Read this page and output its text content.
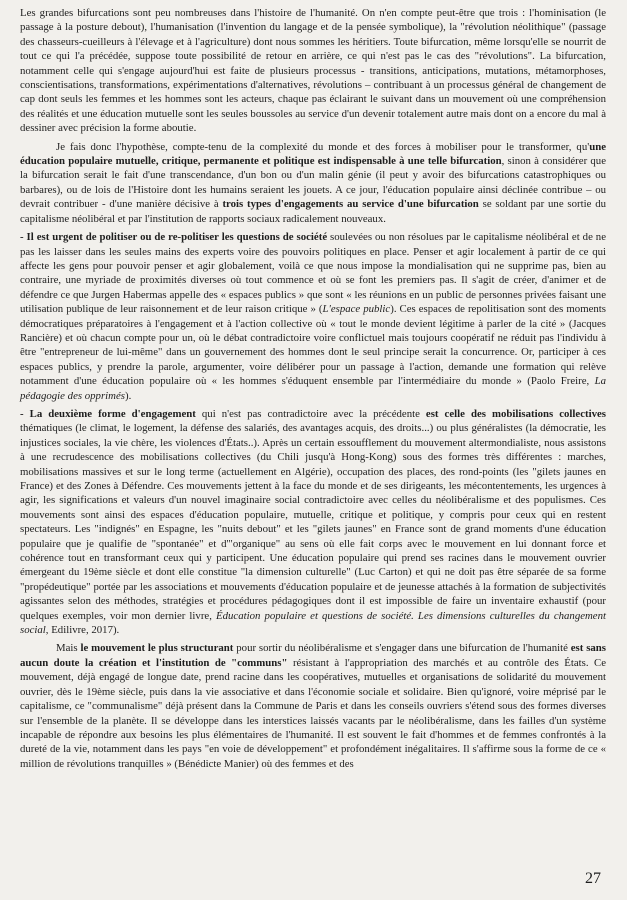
Les grandes bifurcations sont peu nombreuses dans l'histoire de l'humanité. On n'en compte peut-être que trois : l'hominisation (le passage à la posture debout), l'humanisation (l'invention du langage et de la pensée symbolique), la "révolution néolithique" (passage des chasseurs-cueilleurs à l'élevage et à l'agriculture) dont nous sommes les héritiers. Toute bifurcation, même lorsqu'elle se nourrit de tout ce qui l'a précédée, suppose toute possibilité de retour en arrière, ce qui n'est pas le cas des "révolutions". La bifurcation, notamment celle qui s'engage aujourd'hui est faite de plusieurs processus - transitions, anticipations, mutations, métamorphoses, conscientisations, transformations, expérimentations d'alternatives, révolutions – contribuant à un processus général de changement de cap dont seuls les femmes et les hommes sont les acteurs, chaque pas éclairant le suivant dans un mouvement où une compréhension des réalités et une éducation mutuelle sont les seules boussoles au service d'un devenir totalement autre mais dont on a encore du mal à dessiner avec précision la forme aboutie.

Je fais donc l'hypothèse, compte-tenu de la complexité du monde et des forces à mobiliser pour le transformer, qu'une éducation populaire mutuelle, critique, permanente et politique est indispensable à une telle bifurcation, sinon à considérer que la bifurcation serait le fait d'une transcendance, d'un bon ou d'un malin génie (il peut y avoir des bifurcations catastrophiques ou barbares), ou de lois de l'Histoire dont les humains seraient les jouets. A ce jour, l'éducation populaire ainsi déclinée contribue – ou devrait contribuer - d'une manière décisive à trois types d'engagements au service d'une bifurcation se soldant par une sortie du capitalisme néolibéral et par l'institution de rapports sociaux radicalement nouveaux.

- Il est urgent de politiser ou de re-politiser les questions de société soulevées ou non résolues par le capitalisme néolibéral et de ne pas les laisser dans les seules mains des experts voire des pouvoirs politiques en place. Penser et agir localement à partir de ce qui affecte les gens pour pouvoir penser et agir globalement, voilà ce que nous impose la mondialisation qui ne supprime pas, bien au contraire, une myriade de proximités diverses où tout commence et où se font les premiers pas. Il s'agit de créer, d'animer et de défendre ce que Jurgen Habermas appelle des « espaces publics » que sont « les réunions en un public de personnes privées faisant une utilisation publique de leur raisonnement et de leur raison critique » (L'espace public). Ces espaces de repolitisation sont des moments démocratiques préparatoires à l'engagement et à l'action collective où « tout le monde devient légitime à parler de la cité » (Jacques Rancière) et où chacun compte pour un, où le débat contradictoire voire conflictuel mais toujours coopératif ne réduit pas l'individu à être "entrepreneur de lui-même" dans un gouvernement des hommes dont le seul principe serait la concurrence. Or, participer à ces espaces publics, y prendre la parole, argumenter, voire délibérer pour un passage à l'action, demande une formation qui relève notamment d'une éducation populaire où « les hommes s'éduquent ensemble par l'intermédiaire du monde » (Paolo Freire, La pédagogie des opprimés).

- La deuxième forme d'engagement qui n'est pas contradictoire avec la précédente est celle des mobilisations collectives thématiques (le climat, le logement, la défense des salariés, des avantages acquis, des droits...) ou plus généralistes (la démocratie, les injustices sociales, la vie chère, les violences d'États..). Après un certain essoufflement du mouvement altermondialiste, nous assistons à une recrudescence des mobilisations collectives (du Chili jusqu'à Hong-Kong) sous des formes très différentes : marches, mobilisations massives et sur le long terme (actuellement en Algérie), occupation des places, des rond-points (les "gilets jaunes en France) et des Zones à Défendre. Ces mouvements jettent à la face du monde et de ses dirigeants, les mécontentements, les urgences à agir, les significations et valeurs d'un nouvel imaginaire social contradictoire avec celles du néolibéralisme et des populismes. Ces mouvements sont ainsi des espaces d'éducation populaire, mutuelle, critique et politique, y compris pour ceux qui en restent spectateurs. Les "indignés" en Espagne, les "nuits debout" et les "gilets jaunes" en France sont de grand moments d'une éducation populaire que je qualifie de "spontanée" et d'"organique" au sens où elle fait corps avec le mouvement en lui donnant force et cohérence tout en transformant ceux qui y participent. Une éducation populaire qui prend ses racines dans le mouvement ouvrier émergeant du 19ème siècle et dont elle constitue "la dimension culturelle" (Luc Carton) et qui ne doit pas être séparée de sa forme "propédeutique" portée par les associations et mouvements d'éducation populaire et de jeunesse attachés à la formation de subjectivités agissantes selon des méthodes, stratégies et procédures pédagogiques dont il est impossible de faire un inventaire exhaustif (pour quelques exemples, voir mon dernier livre, Éducation populaire et questions de société. Les dimensions culturelles du changement social, Edilivre, 2017).

Mais le mouvement le plus structurant pour sortir du néolibéralisme et s'engager dans une bifurcation de l'humanité est sans aucun doute la création et l'institution de "communs" résistant à l'appropriation des marchés et au contrôle des États. Ce mouvement, déjà engagé de longue date, prend racine dans les coopératives, mutuelles et organisations de solidarité du mouvement ouvrier, dès le 19ème siècle, puis dans la vie associative et dans l'économie sociale et solidaire. Bien qu'ignoré, voire méprisé par le capitalisme, ce "communalisme" déjà présent dans la Commune de Paris et dans les conseils ouvriers s'étend sous des formes diverses sur l'ensemble de la planète. Il se développe dans les interstices laissés vacants par le néolibéralisme, dans les failles d'un système incapable de répondre aux besoins les plus élémentaires de l'humanité. Il est souvent le fait d'hommes et de femmes confrontés à la dureté de la vie, notamment dans les pays "en voie de développement" et profondément inégalitaires. Il s'affirme sous la forme de ce « million de révolutions tranquilles » (Bénédicte Manier) où des femmes et des

27
